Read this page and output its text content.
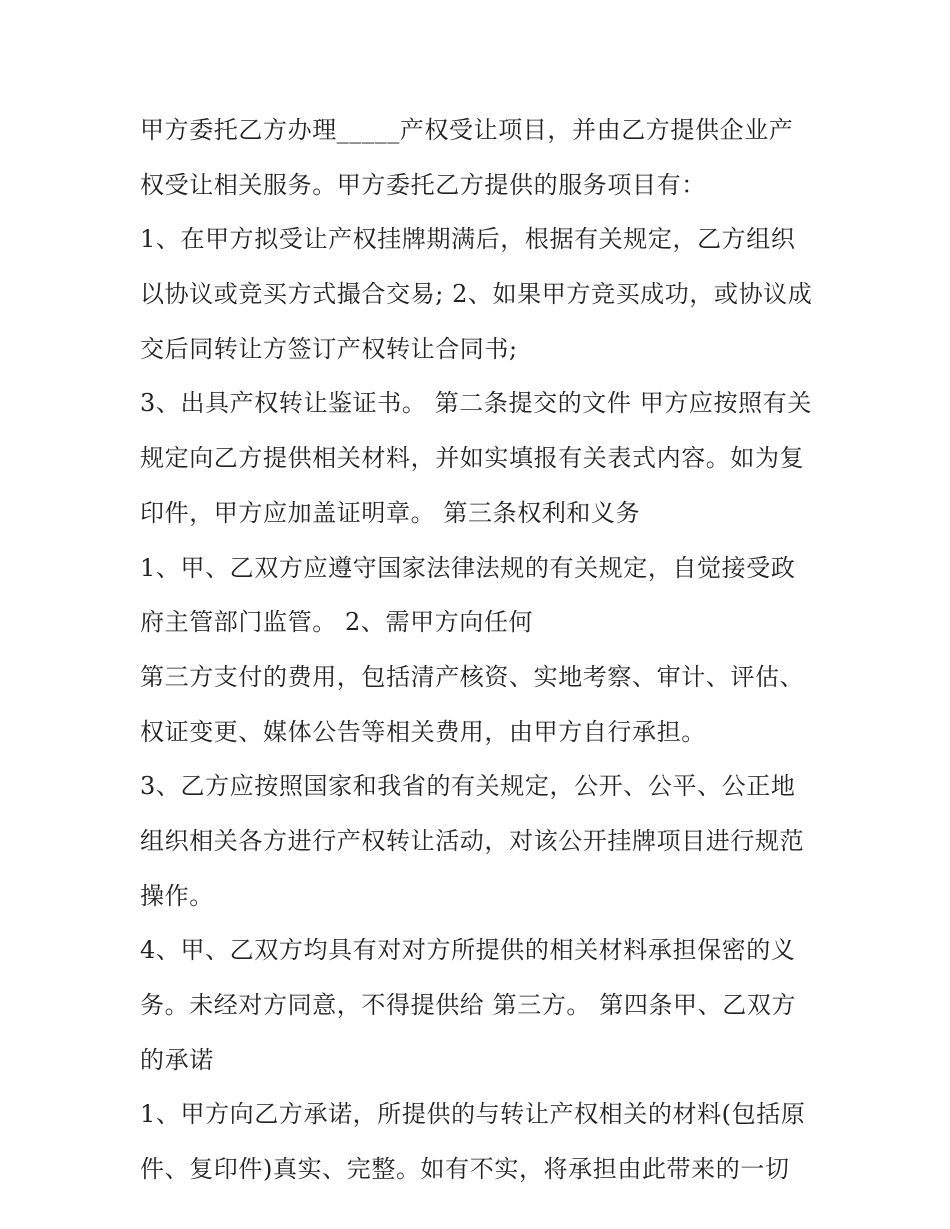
甲方委托乙方办理_____产权受让项目，并由乙方提供企业产
权受让相关服务。甲方委托乙方提供的服务项目有：
1、在甲方拟受让产权挂牌期满后，根据有关规定，乙方组织
以协议或竞买方式撮合交易; 2、如果甲方竞买成功，或协议成
交后同转让方签订产权转让合同书;
3、出具产权转让鉴证书。 第二条提交的文件 甲方应按照有关
规定向乙方提供相关材料，并如实填报有关表式内容。如为复
印件，甲方应加盖证明章。 第三条权利和义务
1、甲、乙双方应遵守国家法律法规的有关规定，自觉接受政
府主管部门监管。 2、需甲方向任何
第三方支付的费用，包括清产核资、实地考察、审计、评估、
权证变更、媒体公告等相关费用，由甲方自行承担。
3、乙方应按照国家和我省的有关规定，公开、公平、公正地
组织相关各方进行产权转让活动，对该公开挂牌项目进行规范
操作。
4、甲、乙双方均具有对对方所提供的相关材料承担保密的义
务。未经对方同意，不得提供给 第三方。 第四条甲、乙双方
的承诺
1、甲方向乙方承诺，所提供的与转让产权相关的材料(包括原
件、复印件)真实、完整。如有不实，将承担由此带来的一切
